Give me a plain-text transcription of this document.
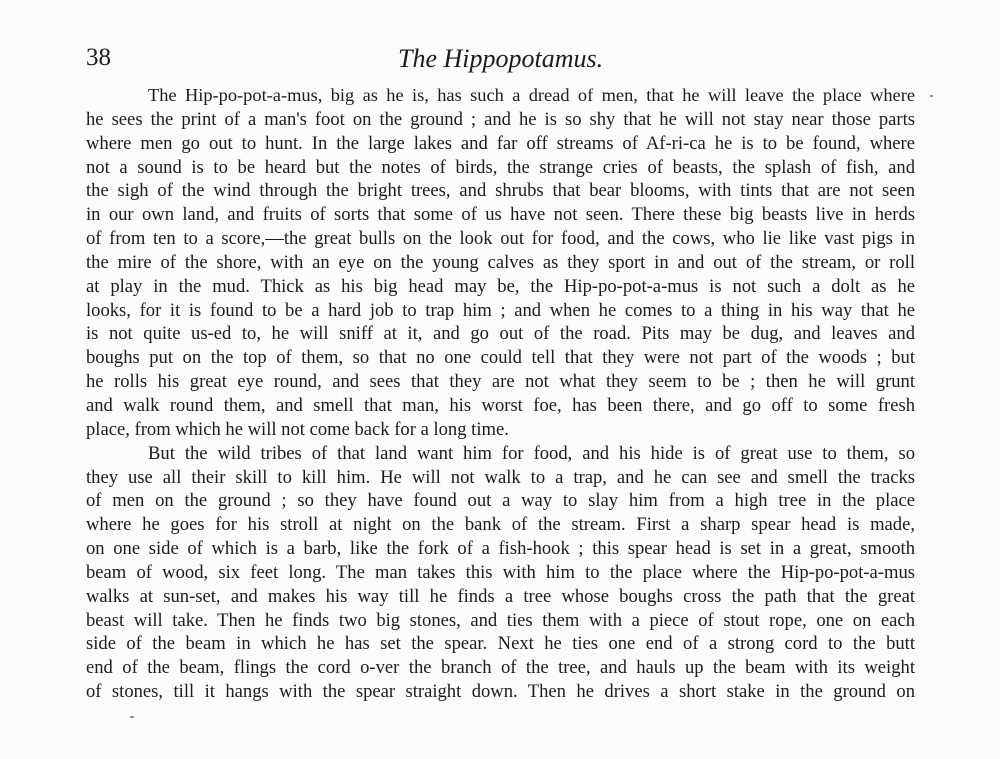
38	The Hippopotamus.
The Hip-po-pot-a-mus, big as he is, has such a dread of men, that he will leave the place where
he sees the print of a man's foot on the ground ; and he is so shy that he will not stay near those parts
where men go out to hunt. In the large lakes and far off streams of Af-ri-ca he is to be found, where
not a sound is to be heard but the notes of birds, the strange cries of beasts, the splash of fish, and
the sigh of the wind through the bright trees, and shrubs that bear blooms, with tints that are not seen
in our own land, and fruits of sorts that some of us have not seen. There these big beasts live in herds
of from ten to a score,—the great bulls on the look out for food, and the cows, who lie like vast pigs in
the mire of the shore, with an eye on the young calves as they sport in and out of the stream, or roll
at play in the mud. Thick as his big head may be, the Hip-po-pot-a-mus is not such a dolt as he
looks, for it is found to be a hard job to trap him ; and when he comes to a thing in his way that he
is not quite us-ed to, he will sniff at it, and go out of the road. Pits may be dug, and leaves and
boughs put on the top of them, so that no one could tell that they were not part of the woods ; but
he rolls his great eye round, and sees that they are not what they seem to be ; then he will grunt
and walk round them, and smell that man, his worst foe, has been there, and go off to some fresh
place, from which he will not come back for a long time.
But the wild tribes of that land want him for food, and his hide is of great use to them, so
they use all their skill to kill him. He will not walk to a trap, and he can see and smell the tracks
of men on the ground ; so they have found out a way to slay him from a high tree in the place
where he goes for his stroll at night on the bank of the stream. First a sharp spear head is made,
on one side of which is a barb, like the fork of a fish-hook ; this spear head is set in a great, smooth
beam of wood, six feet long. The man takes this with him to the place where the Hip-po-pot-a-mus
walks at sun-set, and makes his way till he finds a tree whose boughs cross the path that the great
beast will take. Then he finds two big stones, and ties them with a piece of stout rope, one on each
side of the beam in which he has set the spear. Next he ties one end of a strong cord to the butt
end of the beam, flings the cord o-ver the branch of the tree, and hauls up the beam with its weight
of stones, till it hangs with the spear straight down. Then he drives a short stake in the ground on
